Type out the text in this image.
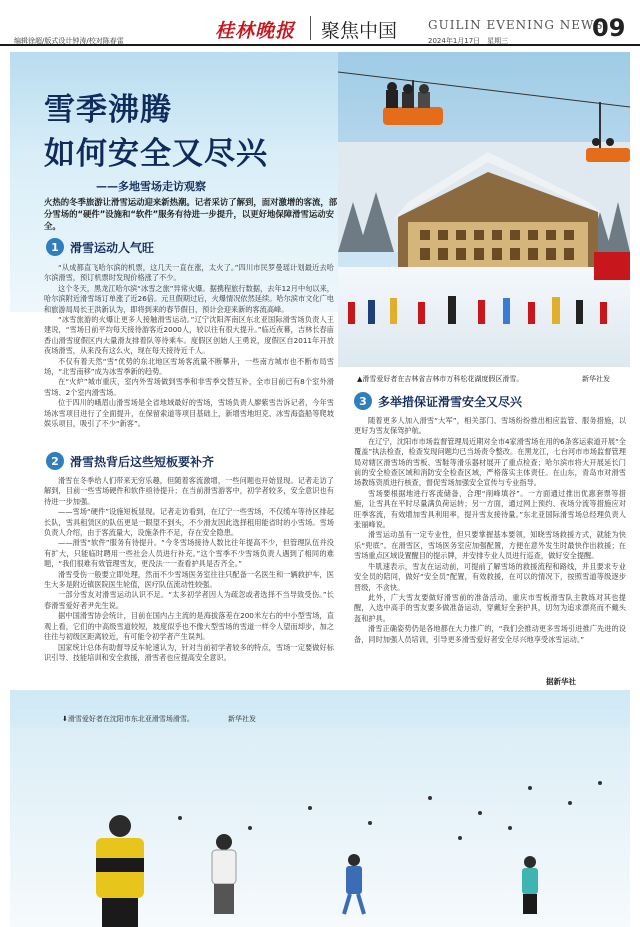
编辑徐超/版式设计钟涛/校对陈春雷	桂林晚报 聚焦中国	GUILIN EVENING NEWS
2024年1月17日　星期三	09
▲滑雪爱好者在吉林省吉林市万科松花湖度假区滑雪。	新华社发
雪季沸腾
如何安全又尽兴
——多地雪场走访观察
火热的冬季旅游让滑雪运动迎来新热潮。记者采访了解到，面对激增的客流，部分雪场的“硬件”设施和“软件”服务有待进一步提升，以更好地保障滑雪运动安全。
1 滑雪运动人气旺

“从成都直飞哈尔滨的机票，这几天一直在涨，太火了。”四川市民罗曼瑶计划最近去哈尔滨滑雪，预订机票时发现价格涨了不少。

这个冬天，黑龙江哈尔滨“冰雪之旅”异常火爆。据携程旅行数据，去年12月中旬以来，哈尔滨附近滑雪场订单涨了近26倍。元旦假期过后，火爆情况依然延续。哈尔滨市文化广电和旅游局局长王洪新认为，即将到来的春节假日，预计会迎来新的客流高峰。

“冰雪旅游的火爆让更多人接触滑雪运动。”辽宁沈阳浑南区东北亚国际滑雪场负责人王建说，“雪场日前平均每天接待游客近2000人，较以往有很大提升。”临近夜幕，吉林长春庙香山滑雪度假区内大量滑友排着队等待乘车。度假区创始人王勇说，度假区自2011年开放夜场滑雪，从来没有这么火，现在每天接待近千人。

不仅有着天然“雪”优势的东北地区雪场客流量不断攀升，一些南方城市也不断布局雪场，“北雪南移”成为冰雪季新的趋势。

在“火炉”城市重庆，室内外雪场做到雪季和非雪季交替互补，全市目前已有8个室外滑雪场、2个室内滑雪场。

位于四川的峨眉山滑雪场是全省地域最好的雪场，雪场负责人廖紫雪告诉记者，今年雪场冰雪项目进行了全面提升，在保留索道等项目基础上，新增雪地坦克、冰雪海盗船等爬坡娱乐项目，吸引了不少“新客”。

2 滑雪热背后这些短板要补齐

滑雪在冬季给人们带来无穷乐趣，但随着客流激增，一些问题也开始显现。记者走访了解到，目前一些雪场硬件和软件亟待提升；在当前滑雪游客中，初学者较多，安全意识也有待进一步加强。

——雪场“硬件”设施短板显现。记者走访看到，在辽宁一些雪场，不仅缆车等待区排起长队，雪具租赁区的队伍更是一眼望不到头，不少滑友因此选择租用能省时的小雪场。雪场负责人介绍，由于客流量大，设施条件不足，存在安全隐患。

——滑雪“软件”服务有待提升。“今冬雪场接待人数比往年提高不少，但管理队伍并没有扩大，只能临时聘用一些社会人员进行补充。”这个雪季不少雪场负责人遇到了相同的难题，“我们很难有效管理雪友，更没法一一查看护具是否齐全。”

滑雪受伤一般要立即处理，然而不少雪场医务室往往只配备一名医生和一辆救护车，医生大多是附近镇医院医生轮值，医疗队伍流动性较强。

一部分雪友对滑雪运动认识不足。“太多初学者因人为疏忽或者选择不当导致受伤。”长春滑雪爱好者尹先生说。

据中国滑雪协会统计，目前在国内占主流的是海拔落差在200米左右的中小型雪场，直观上看，它们的中高级雪道较短，坡度似乎也不像大型雪场的雪道一样令人望而却步，加之往往与初级区距离较近，有可能令初学者产生误判。

国家统计总体有助督导反车轮速认为，针对当前初学者较多的特点，雪场一定要做好标识引导、技能培训和安全救援，滑雪者也应提高安全意识。

3 多举措保证滑雪安全又尽兴

随着更多人加入滑雪“大军”，相关部门、雪场纷纷推出相应监管、服务措施，以更好为雪友保驾护航。

在辽宁，沈阳市市场监督管理局近期对全市4家滑雪场在用的6条客运索道开展“全覆盖”执法检查，检查发现问题均已当场责令整改。在黑龙江，七台河市市场监督管理局对辖区滑雪场的雪板、雪鞋等滑乐器材展开了重点检查；哈尔滨市将大开展延长门前的安全检查区域和消防安全检查区域，严格落实主体责任。在山东，青岛市对滑雪场教练资质进行核查，督促雪场加强安全宣传与专业指导。

雪场要根据地进行客流储备，合理“削峰填谷”。一方面通过推出优惠套票等措施，让雪具在平时尽量满负荷运转；另一方面，通过网上预约、夜场分流等措施应对旺季客流，有效增加雪具利用率，提升雪友接待量。”东北亚国际滑雪场总经理负责人张丽峰说。

滑雪运动虽有一定专业性，但只要掌握基本要领，知晓雪场救援方式，就能为快乐“兜底”。在滑雪区，雪场医务室应加强配置，方便在意外发生时最快作出救援；在雪场重点区域设置醒目的提示牌，并安排专业人员进行巡查，做好安全提醒。

牛肌速表示，雪友在运动前，可提前了解雪场的救援流程和路线，并且要求专业安全员的陪同，做好“安全员”配置，有效救援，在可以的情况下，按照雪道等级逐步晋级，不贪快。

此外，广大雪友要做好滑雪前的准备活动，重庆市雪板滑雪队主教练对其也提醒，入选中高手的雪友要多做准备运动，穿戴好全套护具，切勿为追求漂亮而不戴头盔和护具。

滑雪正确姿势仍是各地都在大力推广的，“我们会推动更多雪场引进推广先进的设备，同时加强人员培训，引导更多滑雪爱好者安全尽兴地享受冰雪运动。”

据新华社
⬇滑雪爱好者在沈阳市东北亚滑雪场滑雪。	新华社发
